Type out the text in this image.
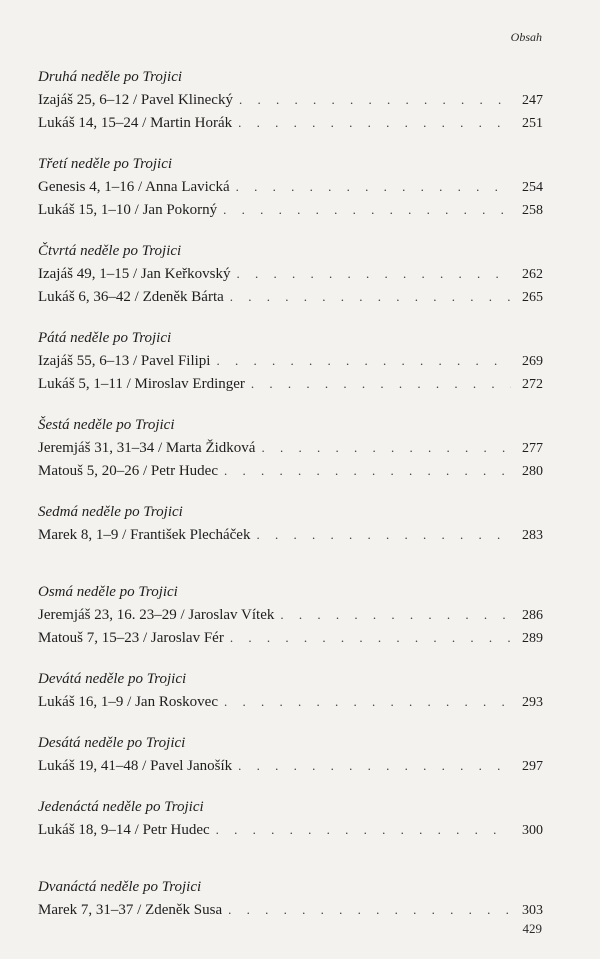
Obsah
Druhá neděle po Trojici
Izajáš 25, 6–12 / Pavel Klinecký . . .	247
Lukáš 14, 15–24 / Martin Horák . . .	251
Třetí neděle po Trojici
Genesis 4, 1–16 / Anna Lavická . . .	254
Lukáš 15, 1–10 / Jan Pokorný . . .	258
Čtvrtá neděle po Trojici
Izajáš 49, 1–15 / Jan Keřkovský . . .	262
Lukáš 6, 36–42 / Zdeněk Bárta . . .	265
Pátá neděle po Trojici
Izajáš 55, 6–13 / Pavel Filipi . . .	269
Lukáš 5, 1–11 / Miroslav Erdinger . . .	272
Šestá neděle po Trojici
Jeremjáš 31, 31–34 / Marta Židková . . .	277
Matouš 5, 20–26 / Petr Hudec . . .	280
Sedmá neděle po Trojici
Marek 8, 1–9 / František Plecháček . . .	283
Osmá neděle po Trojici
Jeremjáš 23, 16. 23–29 / Jaroslav Vítek . . .	286
Matouš 7, 15–23 / Jaroslav Fér . . .	289
Devátá neděle po Trojici
Lukáš 16, 1–9 / Jan Roskovec . . .	293
Desátá neděle po Trojici
Lukáš 19, 41–48 / Pavel Janošík . . .	297
Jedenáctá neděle po Trojici
Lukáš 18, 9–14 / Petr Hudec . . .	300
Dvanáctá neděle po Trojici
Marek 7, 31–37 / Zdeněk Susa . . .	303
429
